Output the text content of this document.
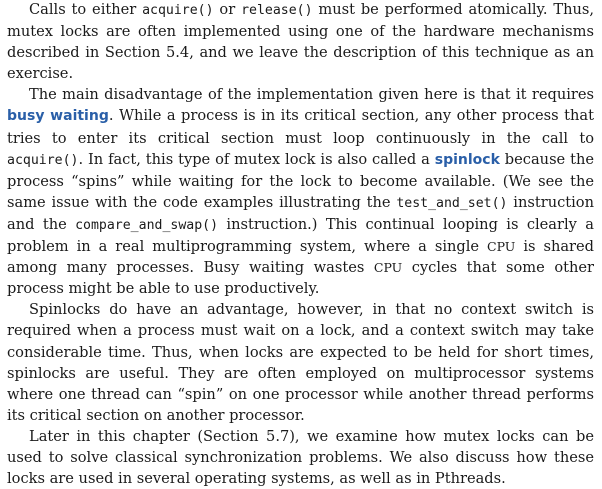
Calls to either acquire() or release() must be performed atomically. Thus, mutex locks are often implemented using one of the hardware mechanisms described in Section 5.4, and we leave the description of this technique as an exercise.

The main disadvantage of the implementation given here is that it requires busy waiting. While a process is in its critical section, any other process that tries to enter its critical section must loop continuously in the call to acquire(). In fact, this type of mutex lock is also called a spinlock because the process “spins” while waiting for the lock to become available. (We see the same issue with the code examples illustrating the test_and_set() instruction and the compare_and_swap() instruction.) This continual looping is clearly a problem in a real multiprogramming system, where a single CPU is shared among many processes. Busy waiting wastes CPU cycles that some other process might be able to use productively.

Spinlocks do have an advantage, however, in that no context switch is required when a process must wait on a lock, and a context switch may take considerable time. Thus, when locks are expected to be held for short times, spinlocks are useful. They are often employed on multiprocessor systems where one thread can “spin” on one processor while another thread performs its critical section on another processor.

Later in this chapter (Section 5.7), we examine how mutex locks can be used to solve classical synchronization problems. We also discuss how these locks are used in several operating systems, as well as in Pthreads.
